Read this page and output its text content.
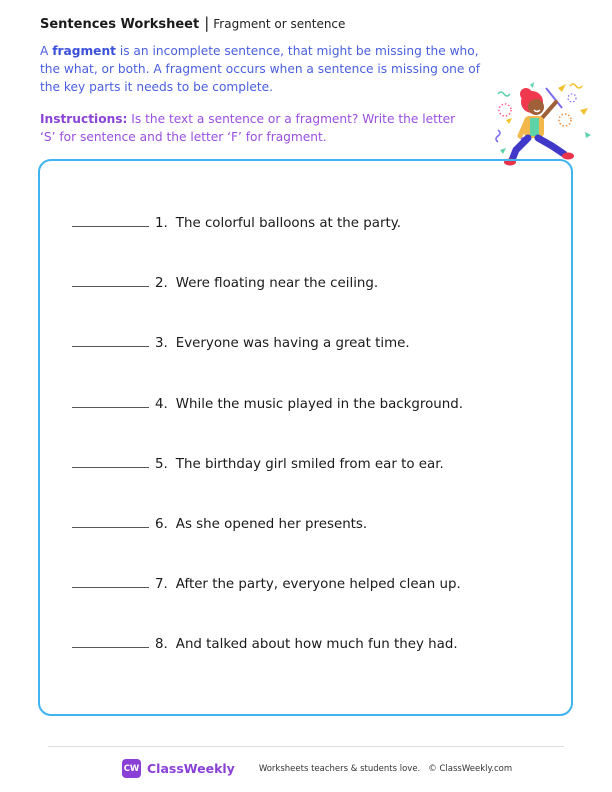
Sentences Worksheet | Fragment or sentence
A fragment is an incomplete sentence, that might be missing the who, the what, or both. A fragment occurs when a sentence is missing one of the key parts it needs to be complete.
Instructions: Is the text a sentence or a fragment? Write the letter ‘S’ for sentence and the letter ‘F’ for fragment.
1. The colorful balloons at the party.
2. Were floating near the ceiling.
3. Everyone was having a great time.
4. While the music played in the background.
5. The birthday girl smiled from ear to ear.
6. As she opened her presents.
7. After the party, everyone helped clean up.
8. And talked about how much fun they had.
CW ClassWeekly	Worksheets teachers & students love. © ClassWeekly.com
